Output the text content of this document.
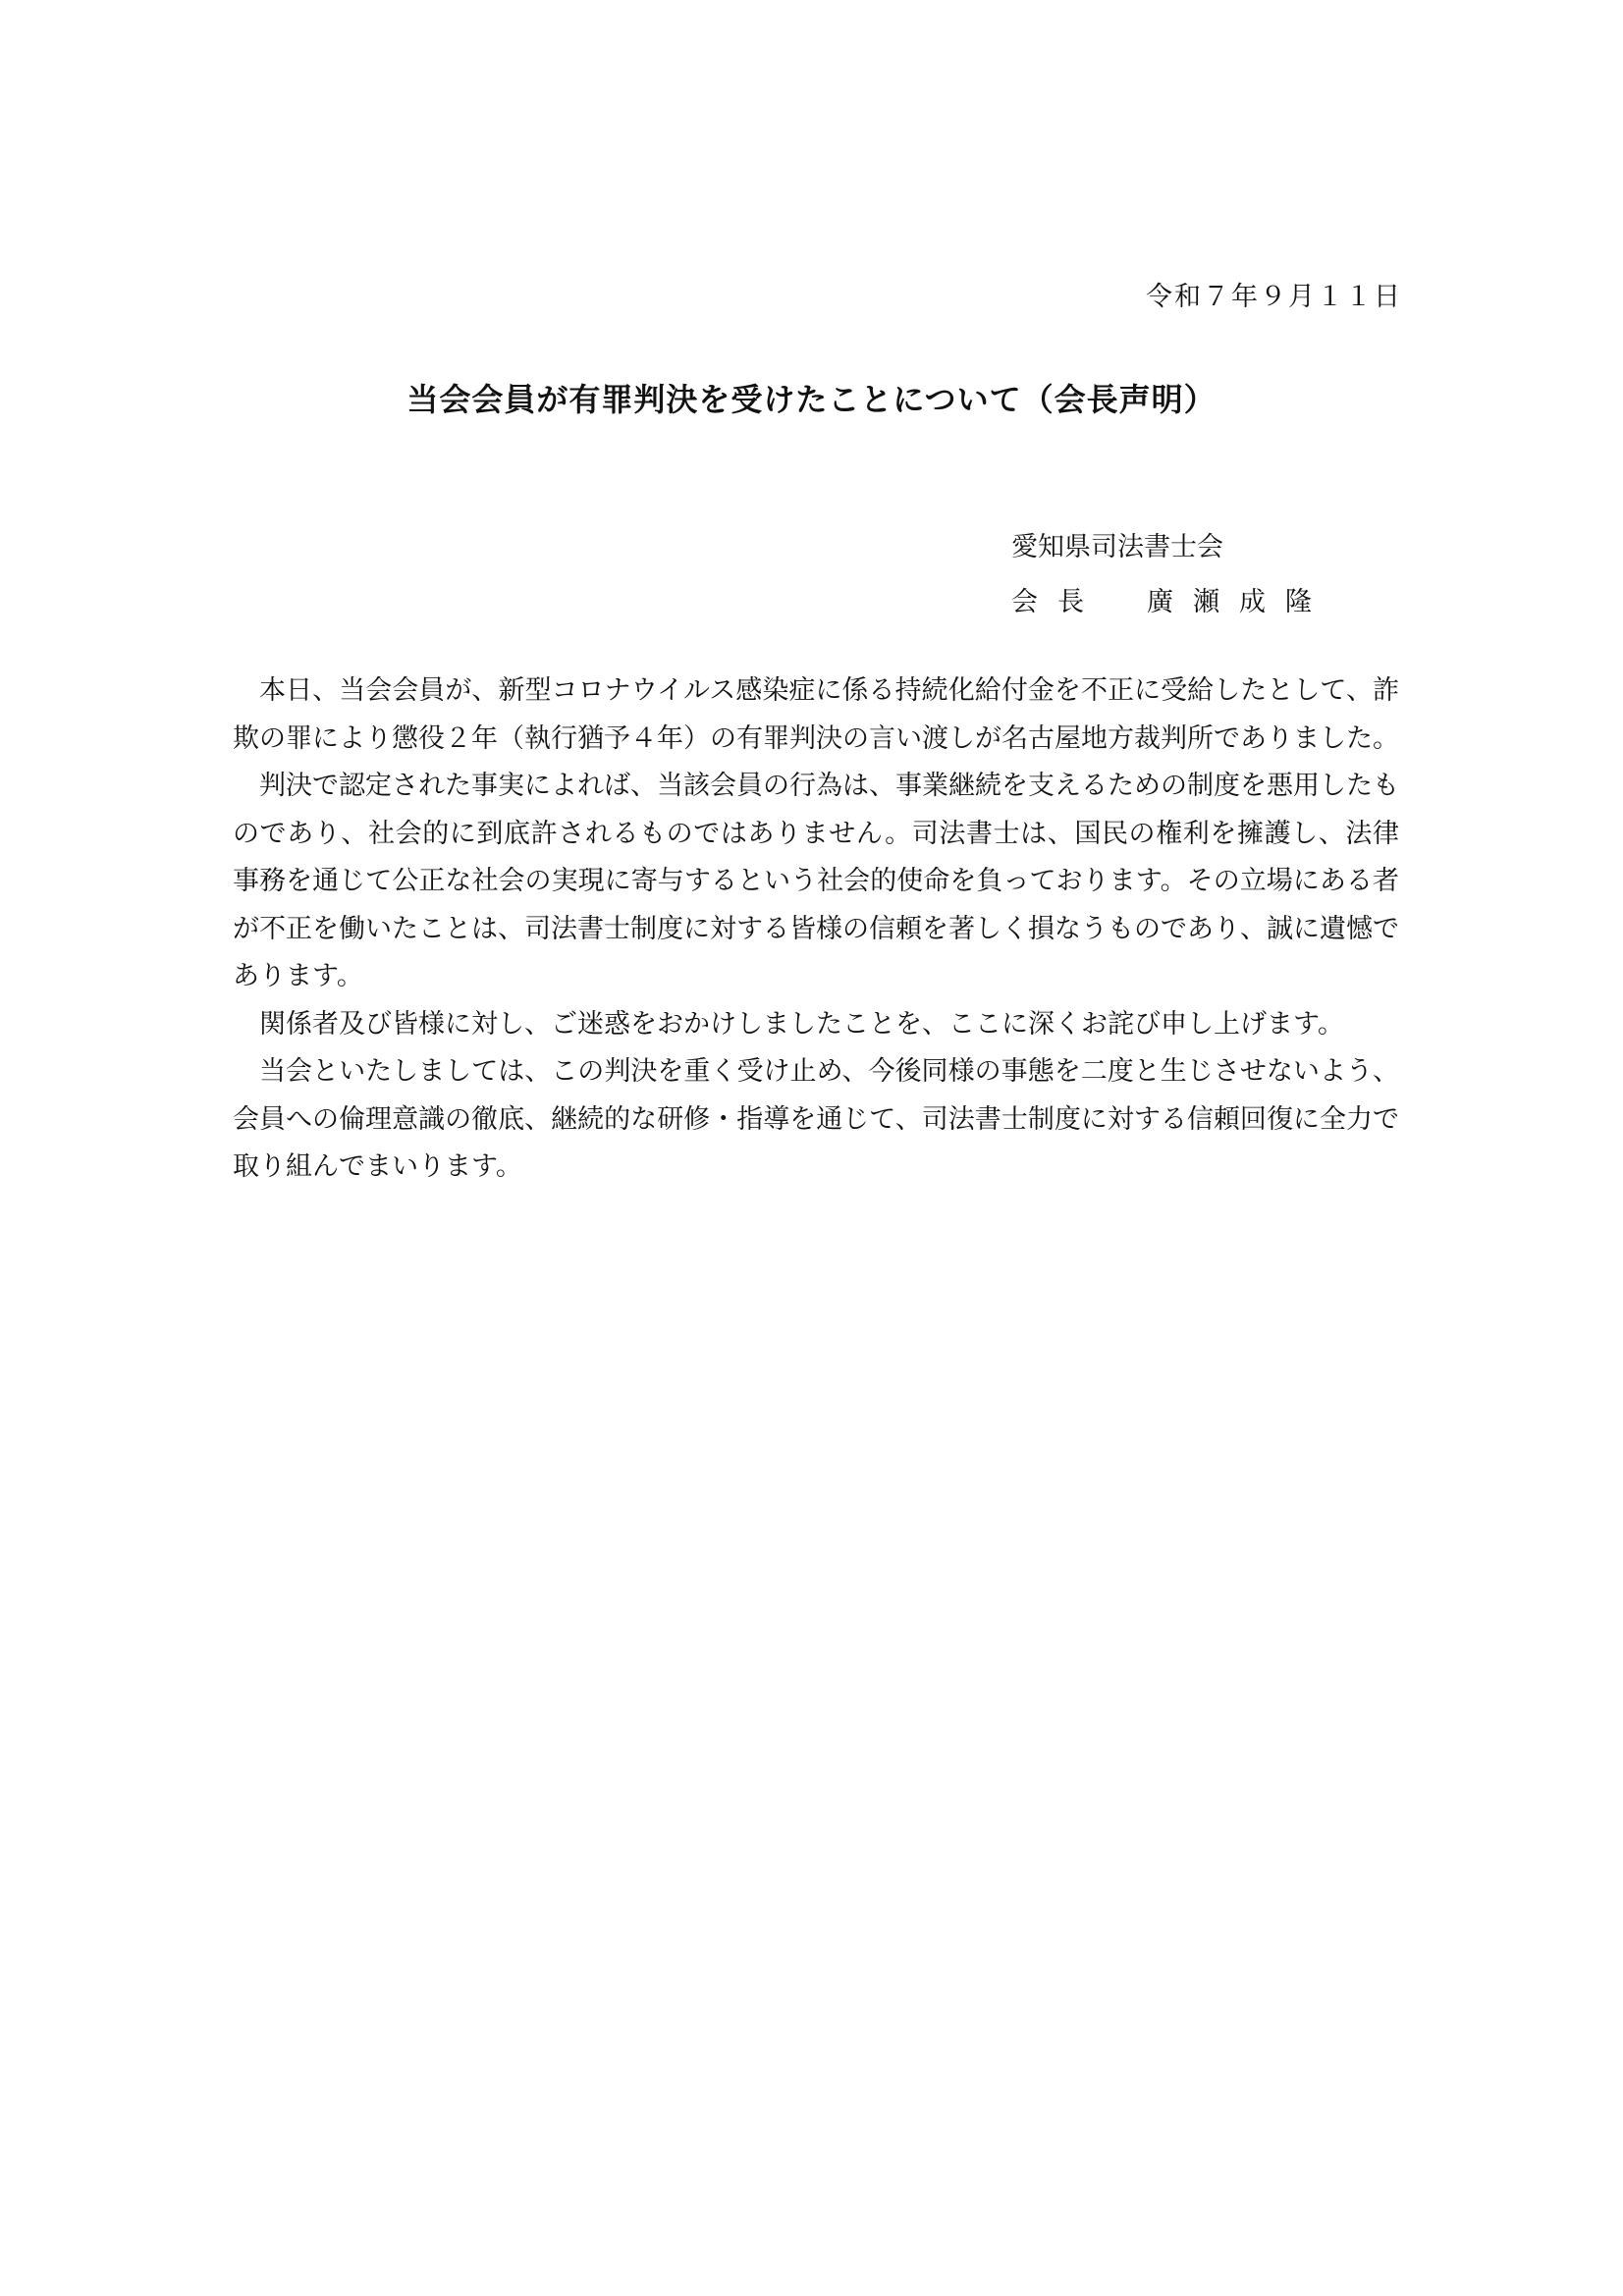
令和７年９月１１日
当会会員が有罪判決を受けたことについて（会長声明）
愛知県司法書士会
会長 廣瀬成隆

本日、当会会員が、新型コロナウイルス感染症に係る持続化給付金を不正に受給したとして、詐欺の罪により懲役２年（執行猶予４年）の有罪判決の言い渡しが名古屋地方裁判所でありました。

判決で認定された事実によれば、当該会員の行為は、事業継続を支えるための制度を悪用したものであり、社会的に到底許されるものではありません。司法書士は、国民の権利を擁護し、法律事務を通じて公正な社会の実現に寄与するという社会的使命を負っております。その立場にある者が不正を働いたことは、司法書士制度に対する皆様の信頼を著しく損なうものであり、誠に遺憾であります。

関係者及び皆様に対し、ご迷惑をおかけしましたことを、ここに深くお詫び申し上げます。

当会といたしましては、この判決を重く受け止め、今後同様の事態を二度と生じさせないよう、会員への倫理意識の徹底、継続的な研修・指導を通じて、司法書士制度に対する信頼回復に全力で取り組んでまいります。
